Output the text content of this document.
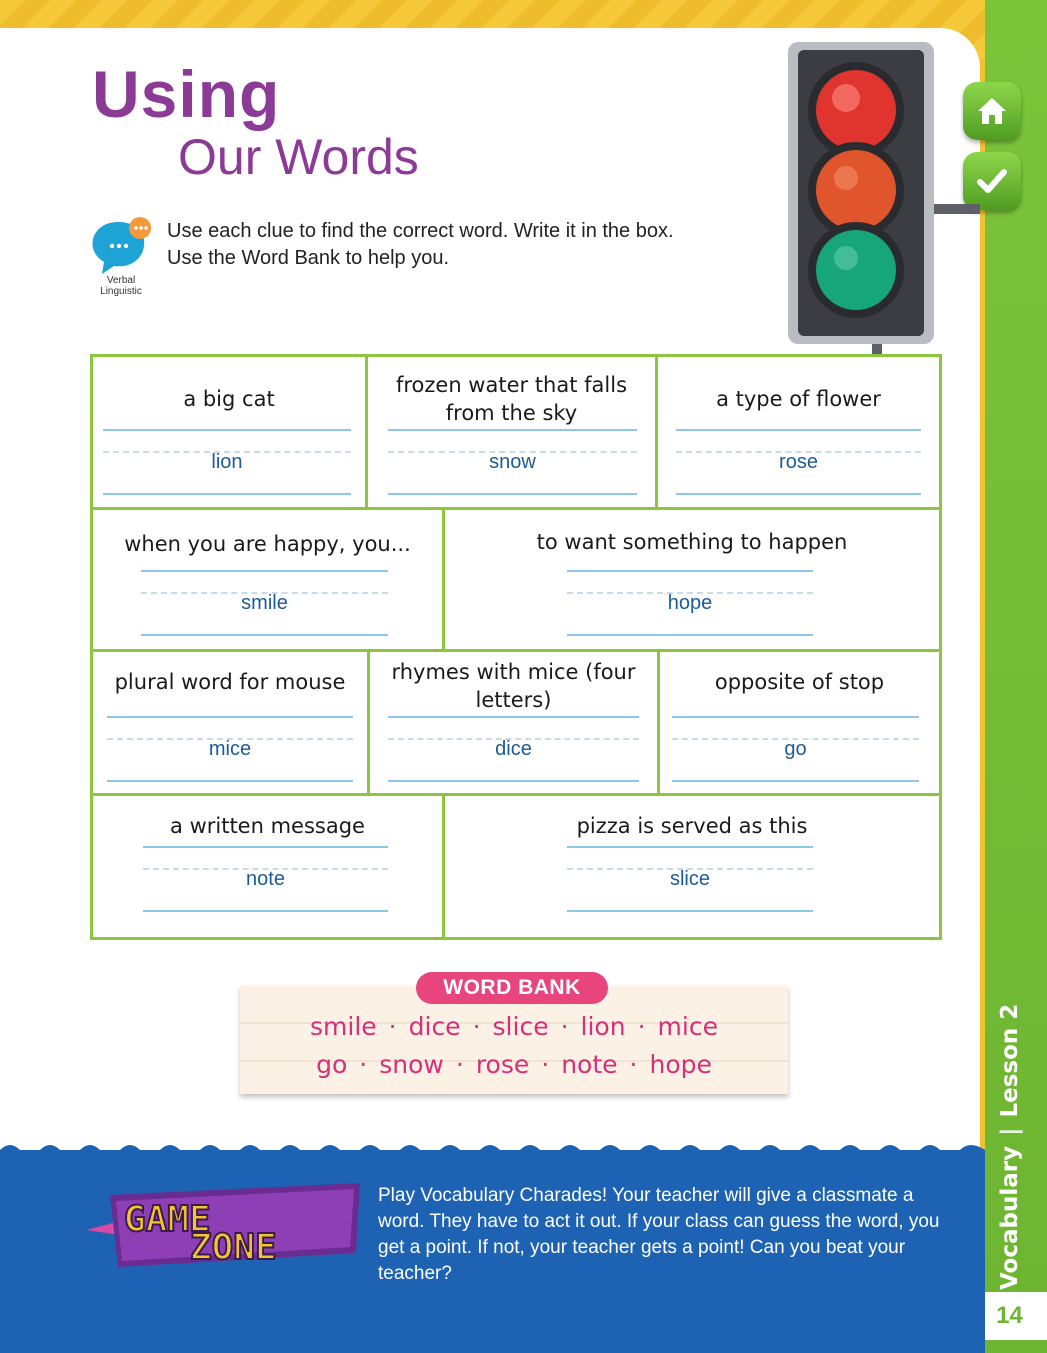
Vocabulary|Lesson 2
14
Using
Our Words
Verbal
Linguistic
Use each clue to find the correct word. Write it in the box. Use the Word Bank to help you.
a big cat
lion
frozen water that falls from the sky
snow
a type of flower
rose
when you are happy, you...
smile
to want something to happen
hope
plural word for mouse
mice
rhymes with mice (four letters)
dice
opposite of stop
go
a written message
note
pizza is served as this
slice
WORD BANK
smile · dice · slice · lion · mice
go · snow · rose · note · hope
GAME
ZONE
Play Vocabulary Charades! Your teacher will give a classmate a word. They have to act it out. If your class can guess the word, you get a point. If not, your teacher gets a point! Can you beat your teacher?
